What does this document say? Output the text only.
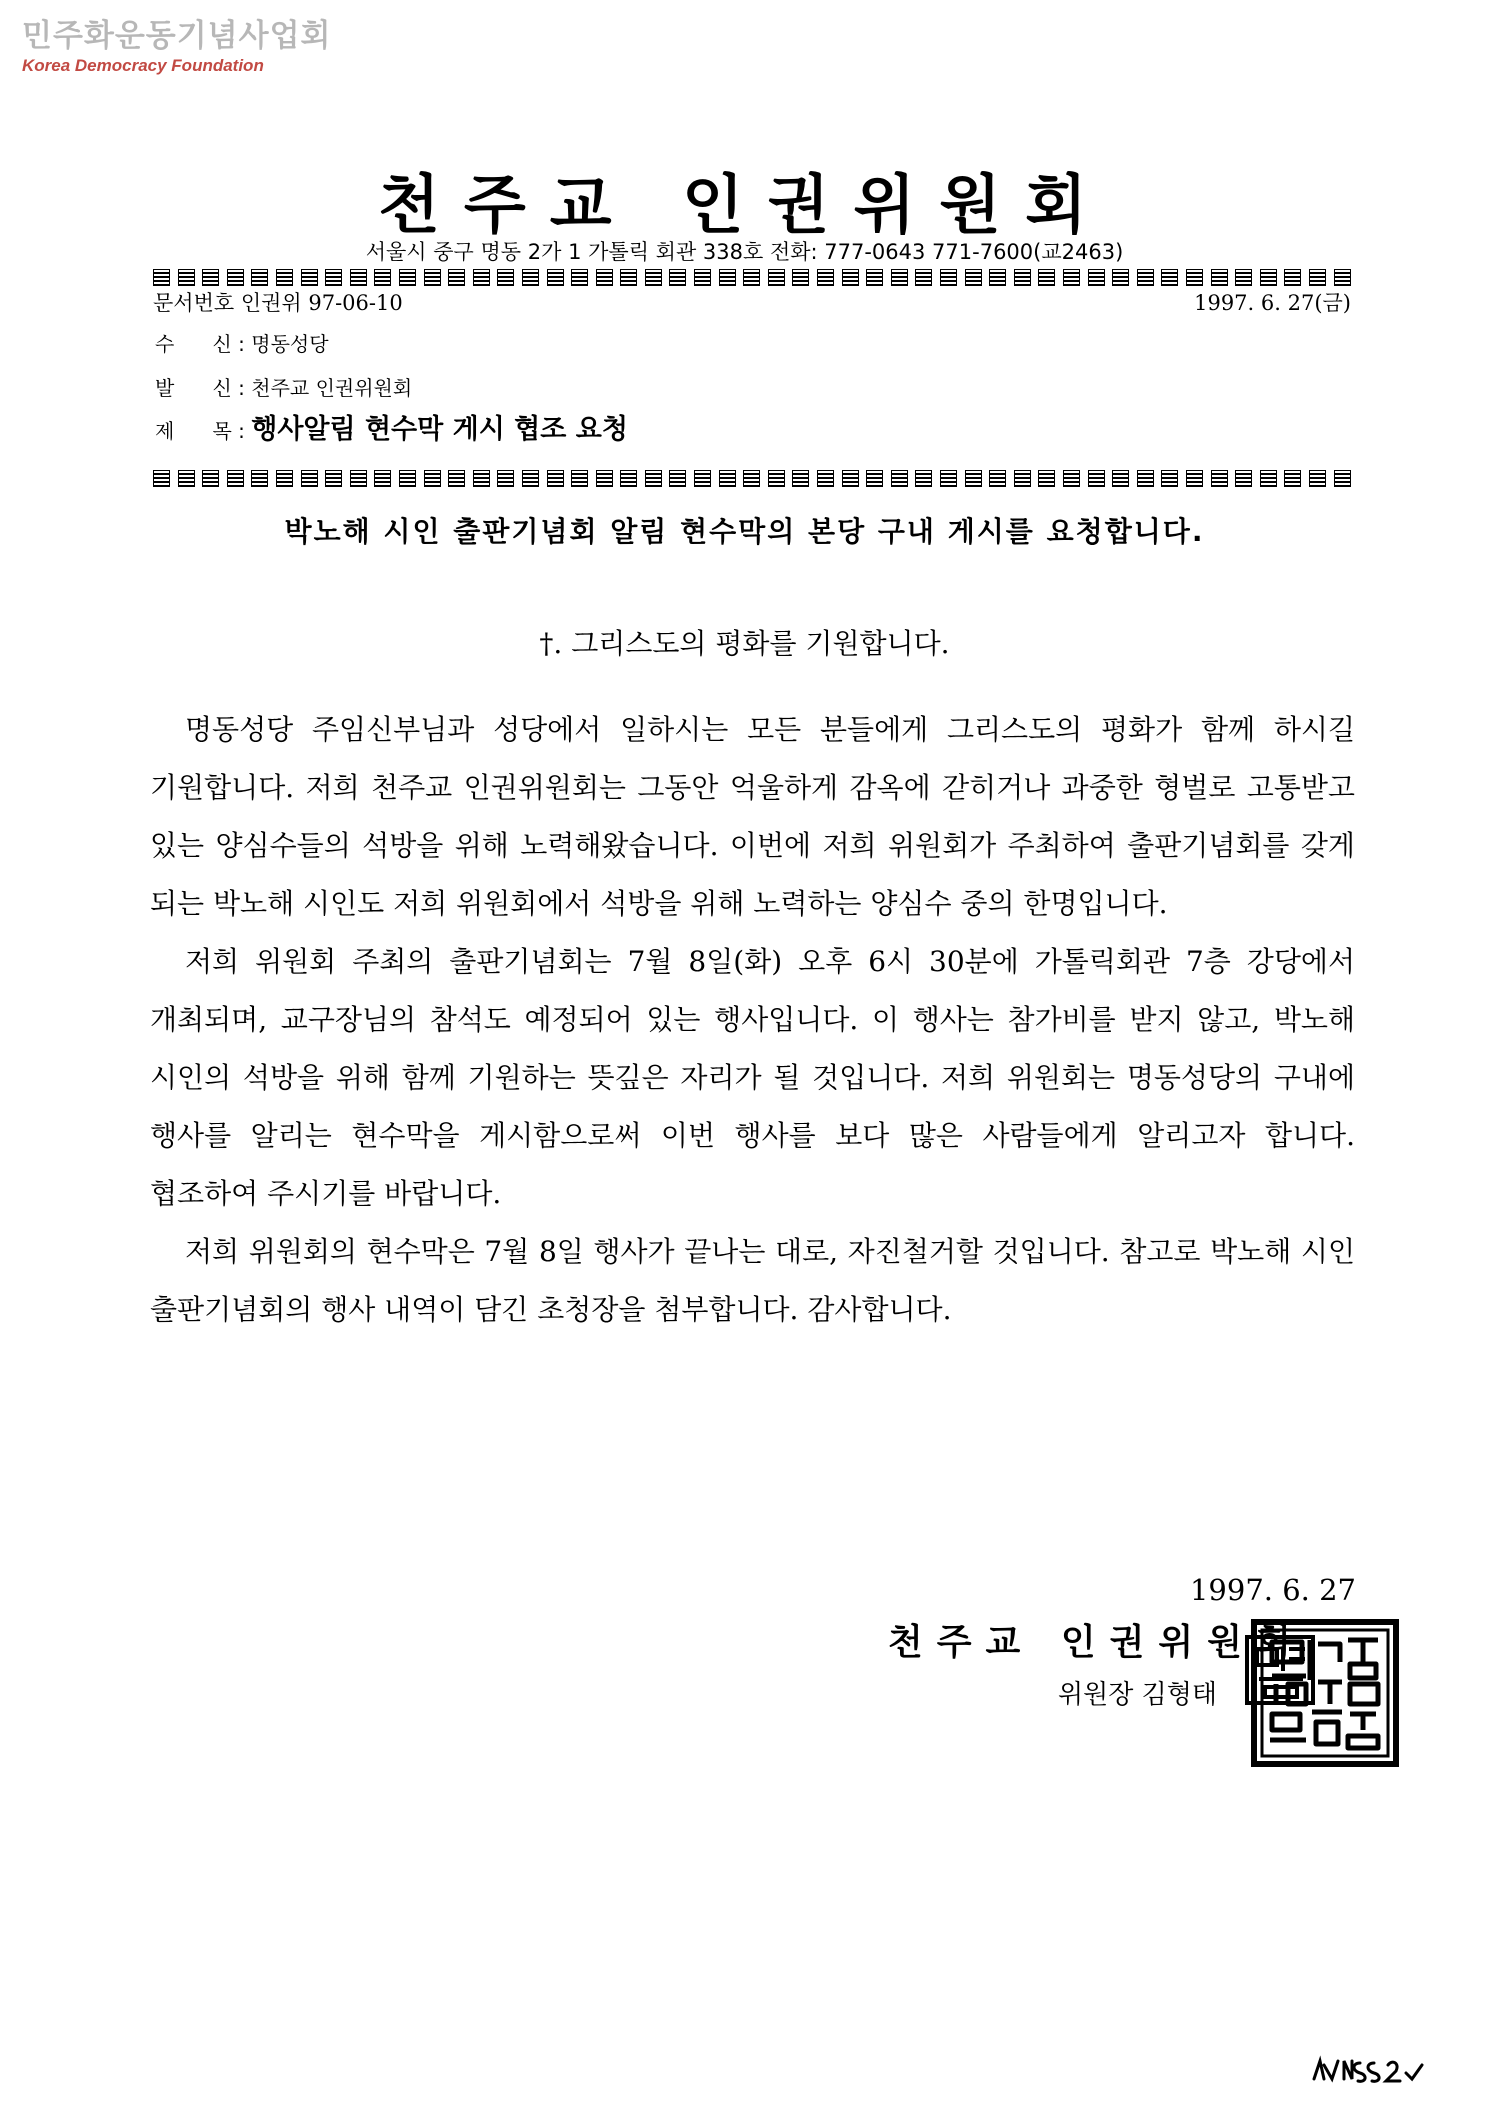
민주화운동기념사업회
Korea Democracy Foundation
천주교 인권위원회
서울시 중구 명동 2가 1 가톨릭 회관 338호 전화: 777-0643 771-7600(교2463)
문서번호 인권위 97-06-10	1997. 6. 27(금)
수      신 : 명동성당
발      신 : 천주교 인권위원회
제      목 : 행사알림 현수막 게시 협조 요청
박노해 시인 출판기념회 알림 현수막의 본당 구내 게시를 요청합니다.
†. 그리스도의 평화를 기원합니다.

명동성당 주임신부님과 성당에서 일하시는 모든 분들에게 그리스도의 평화가 함께 하시길 기원합니다. 저희 천주교 인권위원회는 그동안 억울하게 감옥에 갇히거나 과중한 형벌로 고통받고 있는 양심수들의 석방을 위해 노력해왔습니다. 이번에 저희 위원회가 주최하여 출판기념회를 갖게 되는 박노해 시인도 저희 위원회에서 석방을 위해 노력하는 양심수 중의 한명입니다.

저희 위원회 주최의 출판기념회는 7월 8일(화) 오후 6시 30분에 가톨릭회관 7층 강당에서 개최되며, 교구장님의 참석도 예정되어 있는 행사입니다. 이 행사는 참가비를 받지 않고, 박노해 시인의 석방을 위해 함께 기원하는 뜻깊은 자리가 될 것입니다. 저희 위원회는 명동성당의 구내에 행사를 알리는 현수막을 게시함으로써 이번 행사를 보다 많은 사람들에게 알리고자 합니다. 협조하여 주시기를 바랍니다.

저희 위원회의 현수막은 7월 8일 행사가 끝나는 대로, 자진철거할 것입니다. 참고로 박노해 시인 출판기념회의 행사 내역이 담긴 초청장을 첨부합니다. 감사합니다.

1997. 6. 27
천주교 인권위원회
위원장 김형태
